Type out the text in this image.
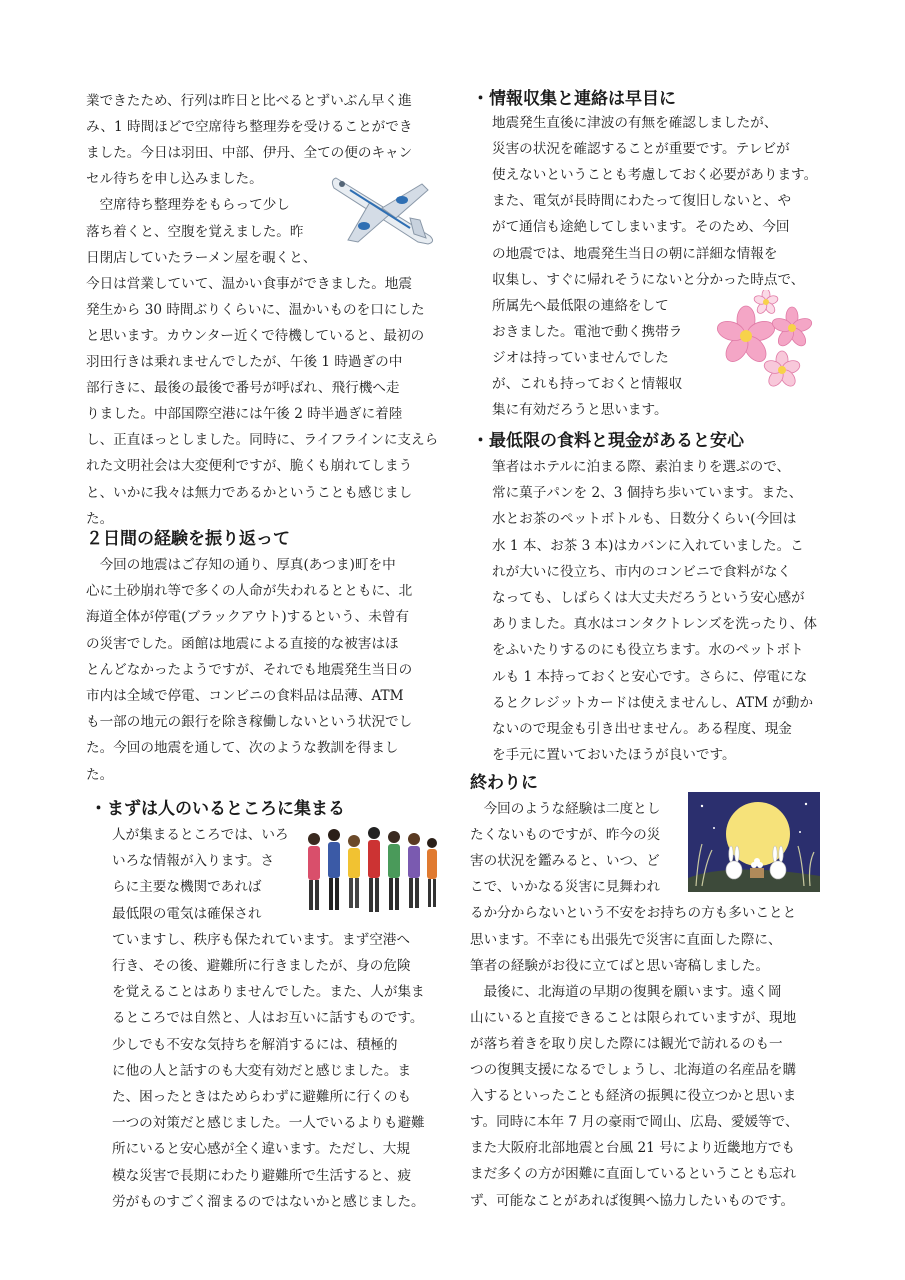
業できたため、行列は昨日と比べるとずいぶん早く進
み、1 時間ほどで空席待ち整理券を受けることができ
ました。今日は羽田、中部、伊丹、全ての便のキャン
セル待ちを申し込みました。
　空席待ち整理券をもらって少し
落ち着くと、空腹を覚えました。昨
日閉店していたラーメン屋を覗くと、
今日は営業していて、温かい食事ができました。地震
発生から 30 時間ぶりくらいに、温かいものを口にした
と思います。カウンター近くで待機していると、最初の
羽田行きは乗れませんでしたが、午後 1 時過ぎの中
部行きに、最後の最後で番号が呼ばれ、飛行機へ走
りました。中部国際空港には午後 2 時半過ぎに着陸
し、正直ほっとしました。同時に、ライフラインに支えら
れた文明社会は大変便利ですが、脆くも崩れてしまう
と、いかに我々は無力であるかということも感じまし
た。
２日間の経験を振り返って
　今回の地震はご存知の通り、厚真(あつま)町を中
心に土砂崩れ等で多くの人命が失われるとともに、北
海道全体が停電(ブラックアウト)するという、未曾有
の災害でした。函館は地震による直接的な被害はほ
とんどなかったようですが、それでも地震発生当日の
市内は全域で停電、コンビニの食料品は品薄、ATM
も一部の地元の銀行を除き稼働しないという状況でし
た。今回の地震を通して、次のような教訓を得まし
た。
・まずは人のいるところに集まる
人が集まるところでは、いろ
いろな情報が入ります。さ
らに主要な機関であれば
最低限の電気は確保され
ていますし、秩序も保たれています。まず空港へ
行き、その後、避難所に行きましたが、身の危険
を覚えることはありませんでした。また、人が集ま
るところでは自然と、人はお互いに話すものです。
少しでも不安な気持ちを解消するには、積極的
に他の人と話すのも大変有効だと感じました。ま
た、困ったときはためらわずに避難所に行くのも
一つの対策だと感じました。一人でいるよりも避難
所にいると安心感が全く違います。ただし、大規
模な災害で長期にわたり避難所で生活すると、疲
労がものすごく溜まるのではないかと感じました。
・情報収集と連絡は早目に
地震発生直後に津波の有無を確認しましたが、
災害の状況を確認することが重要です。テレビが
使えないということも考慮しておく必要があります。
また、電気が長時間にわたって復旧しないと、や
がて通信も途絶してしまいます。そのため、今回
の地震では、地震発生当日の朝に詳細な情報を
収集し、すぐに帰れそうにないと分かった時点で、
所属先へ最低限の連絡をして
おきました。電池で動く携帯ラ
ジオは持っていませんでした
が、これも持っておくと情報収
集に有効だろうと思います。
・最低限の食料と現金があると安心
筆者はホテルに泊まる際、素泊まりを選ぶので、
常に菓子パンを 2、3 個持ち歩いています。また、
水とお茶のペットボトルも、日数分くらい(今回は
水 1 本、お茶 3 本)はカバンに入れていました。こ
れが大いに役立ち、市内のコンビニで食料がなく
なっても、しばらくは大丈夫だろうという安心感が
ありました。真水はコンタクトレンズを洗ったり、体
をふいたりするのにも役立ちます。水のペットボト
ルも 1 本持っておくと安心です。さらに、停電にな
るとクレジットカードは使えませんし、ATM が動か
ないので現金も引き出せません。ある程度、現金
を手元に置いておいたほうが良いです。
終わりに
　今回のような経験は二度とし
たくないものですが、昨今の災
害の状況を鑑みると、いつ、ど
こで、いかなる災害に見舞われ
るか分からないという不安をお持ちの方も多いことと
思います。不幸にも出張先で災害に直面した際に、
筆者の経験がお役に立てばと思い寄稿しました。
　最後に、北海道の早期の復興を願います。遠く岡
山にいると直接できることは限られていますが、現地
が落ち着きを取り戻した際には観光で訪れるのも一
つの復興支援になるでしょうし、北海道の名産品を購
入するといったことも経済の振興に役立つかと思いま
す。同時に本年 7 月の豪雨で岡山、広島、愛媛等で、
また大阪府北部地震と台風 21 号により近畿地方でも
まだ多くの方が困難に直面しているということも忘れ
ず、可能なことがあれば復興へ協力したいものです。
